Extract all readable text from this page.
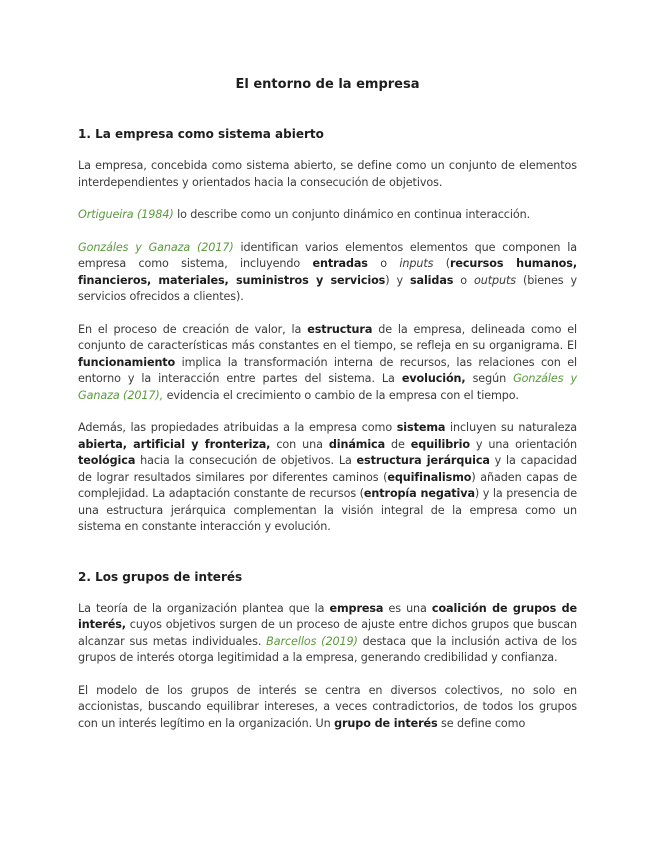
El entorno de la empresa
1. La empresa como sistema abierto

La empresa, concebida como sistema abierto, se define como un conjunto de elementos interdependientes y orientados hacia la consecución de objetivos.

Ortigueira (1984) lo describe como un conjunto dinámico en continua interacción.

Gonzáles y Ganaza (2017) identifican varios elementos elementos que componen la empresa como sistema, incluyendo entradas o inputs (recursos humanos, financieros, materiales, suministros y servicios) y salidas o outputs (bienes y servicios ofrecidos a clientes).

En el proceso de creación de valor, la estructura de la empresa, delineada como el conjunto de características más constantes en el tiempo, se refleja en su organigrama. El funcionamiento implica la transformación interna de recursos, las relaciones con el entorno y la interacción entre partes del sistema. La evolución, según Gonzáles y Ganaza (2017), evidencia el crecimiento o cambio de la empresa con el tiempo.

Además, las propiedades atribuidas a la empresa como sistema incluyen su naturaleza abierta, artificial y fronteriza, con una dinámica de equilibrio y una orientación teológica hacia la consecución de objetivos. La estructura jerárquica y la capacidad de lograr resultados similares por diferentes caminos (equifinalismo) añaden capas de complejidad. La adaptación constante de recursos (entropía negativa) y la presencia de una estructura jerárquica complementan la visión integral de la empresa como un sistema en constante interacción y evolución.

2. Los grupos de interés

La teoría de la organización plantea que la empresa es una coalición de grupos de interés, cuyos objetivos surgen de un proceso de ajuste entre dichos grupos que buscan alcanzar sus metas individuales. Barcellos (2019) destaca que la inclusión activa de los grupos de interés otorga legitimidad a la empresa, generando credibilidad y confianza.

El modelo de los grupos de interés se centra en diversos colectivos, no solo en accionistas, buscando equilibrar intereses, a veces contradictorios, de todos los grupos con un interés legítimo en la organización. Un grupo de interés se define como
